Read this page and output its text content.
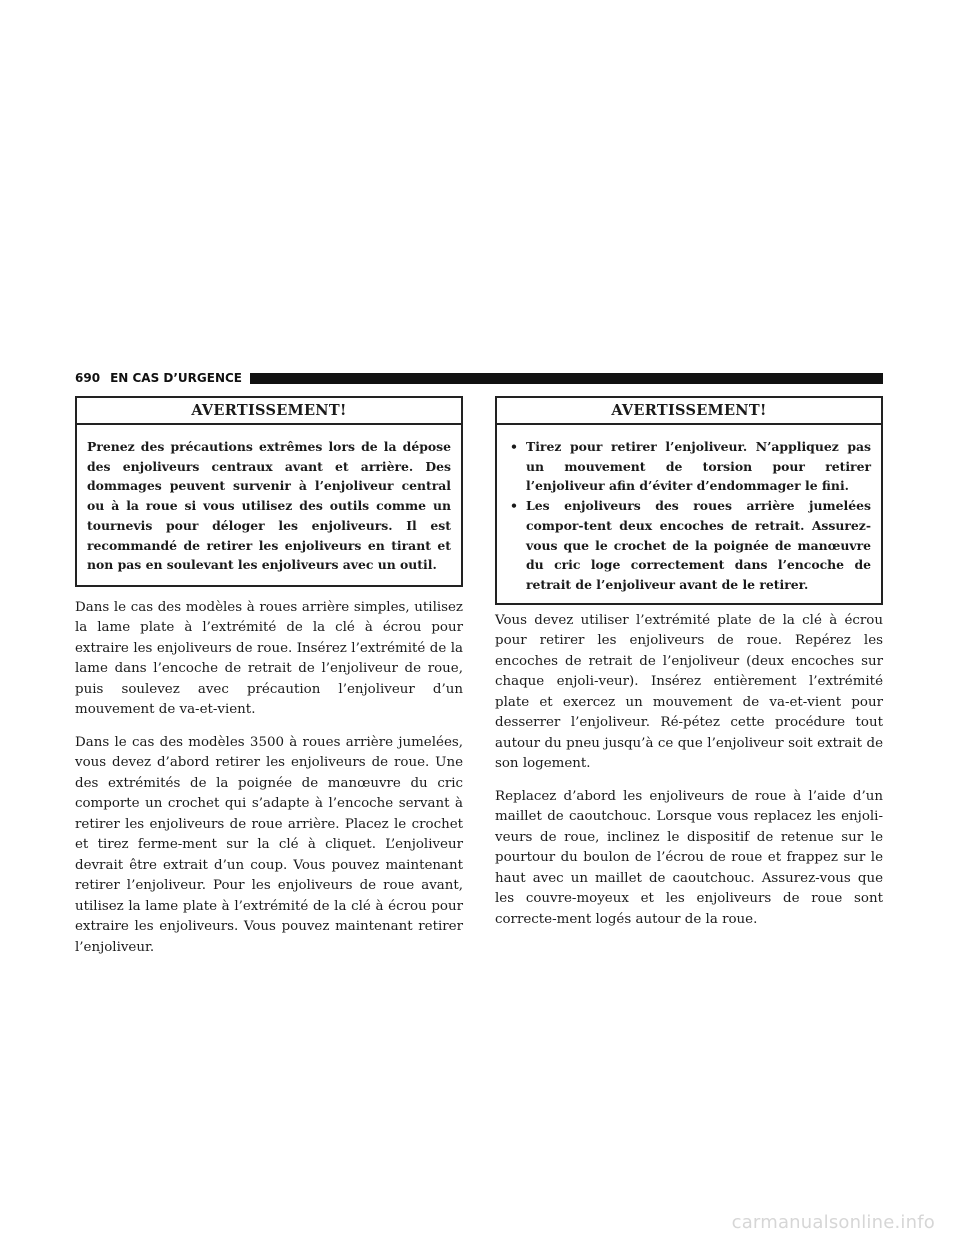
690 EN CAS D’URGENCE
AVERTISSEMENT!
Prenez des précautions extrêmes lors de la dépose des enjoliveurs centraux avant et arrière. Des dommages peuvent survenir à l’enjoliveur central ou à la roue si vous utilisez des outils comme un tournevis pour déloger les enjoliveurs. Il est recommandé de retirer les enjoliveurs en tirant et non pas en soulevant les enjoliveurs avec un outil.

Dans le cas des modèles à roues arrière simples, utilisez la lame plate à l’extrémité de la clé à écrou pour extraire les enjoliveurs de roue. Insérez l’extrémité de la lame dans l’encoche de retrait de l’enjoliveur de roue, puis soulevez avec précaution l’enjoliveur d’un mouvement de va-et-vient.

Dans le cas des modèles 3500 à roues arrière jumelées, vous devez d’abord retirer les enjoliveurs de roue. Une des extrémités de la poignée de manœuvre du cric comporte un crochet qui s’adapte à l’encoche servant à retirer les enjoliveurs de roue arrière. Placez le crochet et tirez ferme-ment sur la clé à cliquet. L’enjoliveur devrait être extrait d’un coup. Vous pouvez maintenant retirer l’enjoliveur. Pour les enjoliveurs de roue avant, utilisez la lame plate à l’extrémité de la clé à écrou pour extraire les enjoliveurs. Vous pouvez maintenant retirer l’enjoliveur.

AVERTISSEMENT!
• Tirez pour retirer l’enjoliveur. N’appliquez pas un mouvement de torsion pour retirer l’enjoliveur afin d’éviter d’endommager le fini.
• Les enjoliveurs des roues arrière jumelées compor-tent deux encoches de retrait. Assurez-vous que le crochet de la poignée de manœuvre du cric loge correctement dans l’encoche de retrait de l’enjoliveur avant de le retirer.

Vous devez utiliser l’extrémité plate de la clé à écrou pour retirer les enjoliveurs de roue. Repérez les encoches de retrait de l’enjoliveur (deux encoches sur chaque enjoli-veur). Insérez entièrement l’extrémité plate et exercez un mouvement de va-et-vient pour desserrer l’enjoliveur. Ré-pétez cette procédure tout autour du pneu jusqu’à ce que l’enjoliveur soit extrait de son logement.

Replacez d’abord les enjoliveurs de roue à l’aide d’un maillet de caoutchouc. Lorsque vous replacez les enjoli-veurs de roue, inclinez le dispositif de retenue sur le pourtour du boulon de l’écrou de roue et frappez sur le haut avec un maillet de caoutchouc. Assurez-vous que les couvre-moyeux et les enjoliveurs de roue sont correcte-ment logés autour de la roue.

carmanualsonline.info
